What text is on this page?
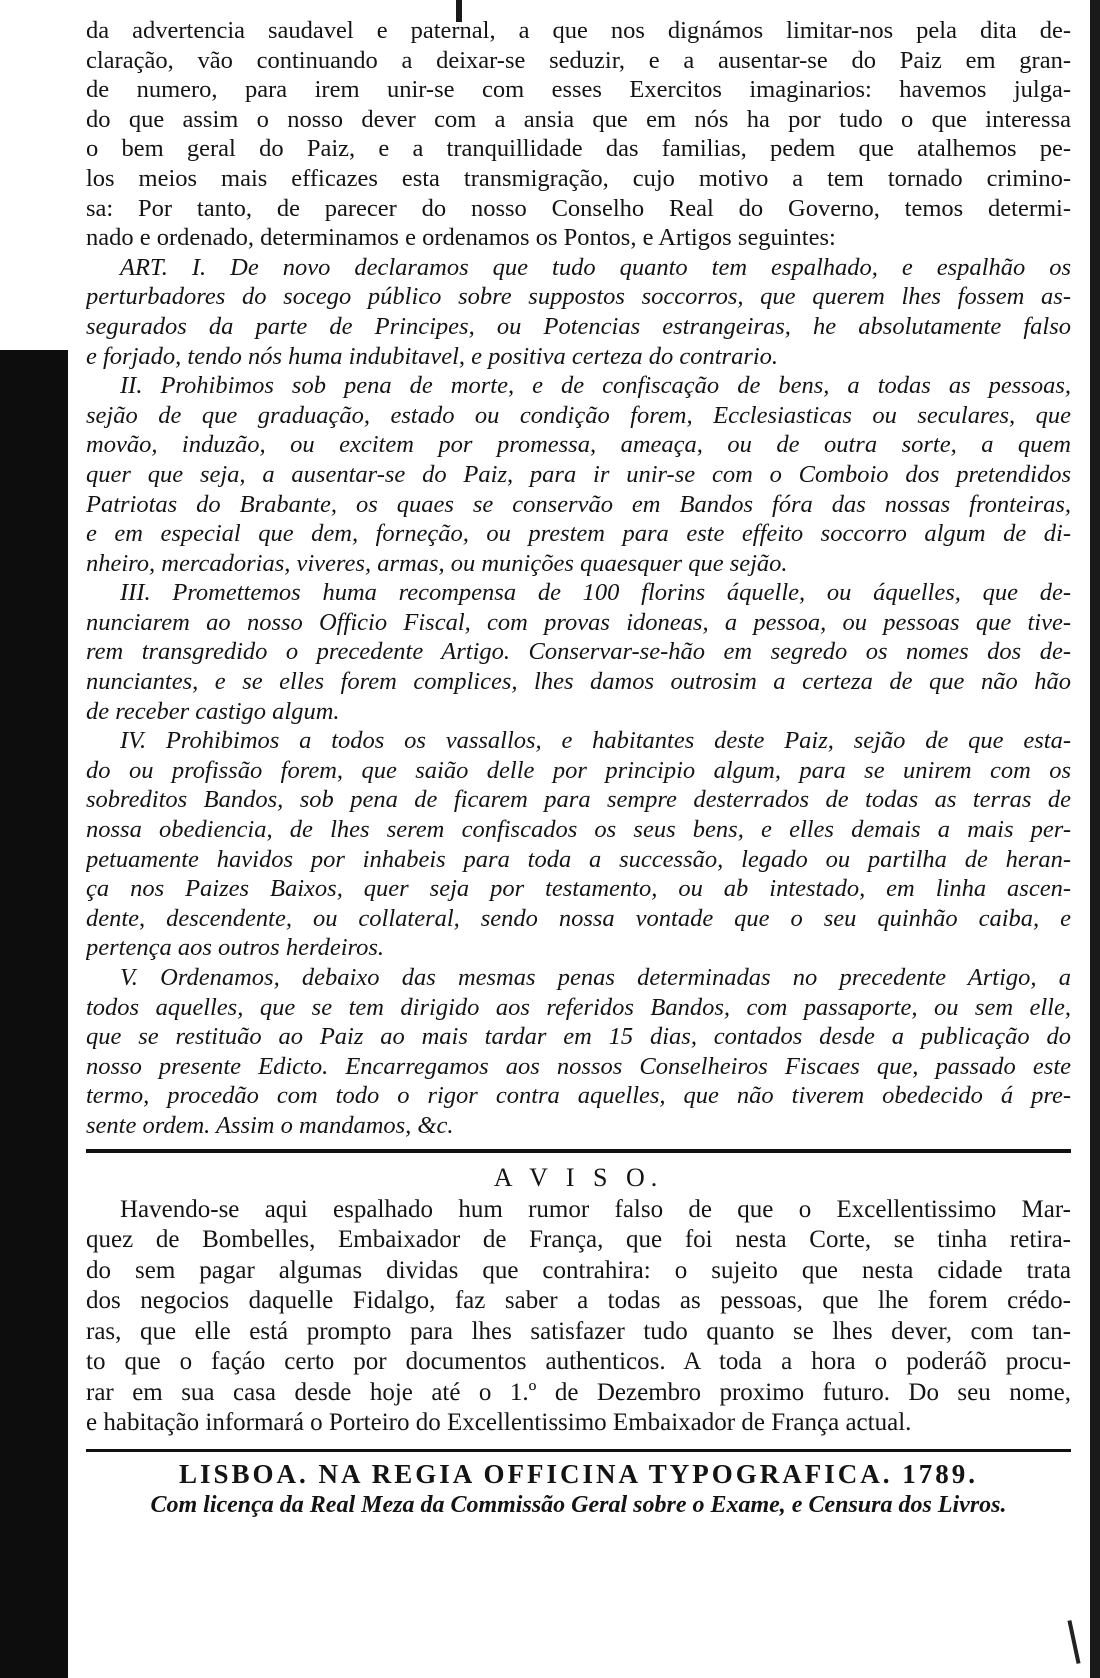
da advertencia saudavel e paternal, a que nos dignámos limitar-nos pela dita de-

claração, vão continuando a deixar-se seduzir, e a ausentar-se do Paiz em gran-

de numero, para irem unir-se com esses Exercitos imaginarios: havemos julga-

do que assim o nosso dever com a ansia que em nós ha por tudo o que interessa

o bem geral do Paiz, e a tranquillidade das familias, pedem que atalhemos pe-

los meios mais efficazes esta transmigração, cujo motivo a tem tornado crimino-

sa: Por tanto, de parecer do nosso Conselho Real do Governo, temos determi-

nado e ordenado, determinamos e ordenamos os Pontos, e Artigos seguintes:

ART. I. De novo declaramos que tudo quanto tem espalhado, e espalhão os

perturbadores do socego público sobre suppostos soccorros, que querem lhes fossem as-

segurados da parte de Principes, ou Potencias estrangeiras, he absolutamente falso

e forjado, tendo nós huma indubitavel, e positiva certeza do contrario.

II. Prohibimos sob pena de morte, e de confiscação de bens, a todas as pessoas,

sejão de que graduação, estado ou condição forem, Ecclesiasticas ou seculares, que

movão, induzão, ou excitem por promessa, ameaça, ou de outra sorte, a quem

quer que seja, a ausentar-se do Paiz, para ir unir-se com o Comboio dos pretendidos

Patriotas do Brabante, os quaes se conservão em Bandos fóra das nossas fronteiras,

e em especial que dem, forneção, ou prestem para este effeito soccorro algum de di-

nheiro, mercadorias, viveres, armas, ou munições quaesquer que sejão.

III. Promettemos huma recompensa de 100 florins áquelle, ou áquelles, que de-

nunciarem ao nosso Officio Fiscal, com provas idoneas, a pessoa, ou pessoas que tive-

rem transgredido o precedente Artigo. Conservar-se-hão em segredo os nomes dos de-

nunciantes, e se elles forem complices, lhes damos outrosim a certeza de que não hão

de receber castigo algum.

IV. Prohibimos a todos os vassallos, e habitantes deste Paiz, sejão de que esta-

do ou profissão forem, que saião delle por principio algum, para se unirem com os

sobreditos Bandos, sob pena de ficarem para sempre desterrados de todas as terras de

nossa obediencia, de lhes serem confiscados os seus bens, e elles demais a mais per-

petuamente havidos por inhabeis para toda a successão, legado ou partilha de heran-

ça nos Paizes Baixos, quer seja por testamento, ou ab intestado, em linha ascen-

dente, descendente, ou collateral, sendo nossa vontade que o seu quinhão caiba, e

pertença aos outros herdeiros.

V. Ordenamos, debaixo das mesmas penas determinadas no precedente Artigo, a

todos aquelles, que se tem dirigido aos referidos Bandos, com passaporte, ou sem elle,

que se restituão ao Paiz ao mais tardar em 15 dias, contados desde a publicação do

nosso presente Edicto. Encarregamos aos nossos Conselheiros Fiscaes que, passado este

termo, procedão com todo o rigor contra aquelles, que não tiverem obedecido á pre-

sente ordem. Assim o mandamos, &c.

A V I S O.

Havendo-se aqui espalhado hum rumor falso de que o Excellentissimo Mar-

quez de Bombelles, Embaixador de França, que foi nesta Corte, se tinha retira-

do sem pagar algumas dividas que contrahira: o sujeito que nesta cidade trata

dos negocios daquelle Fidalgo, faz saber a todas as pessoas, que lhe forem crédo-

ras, que elle está prompto para lhes satisfazer tudo quanto se lhes dever, com tan-

to que o façáo certo por documentos authenticos. A toda a hora o poderáõ procu-

rar em sua casa desde hoje até o 1.º de Dezembro proximo futuro. Do seu nome,

e habitação informará o Porteiro do Excellentissimo Embaixador de França actual.

LISBOA. NA REGIA OFFICINA TYPOGRAFICA. 1789.

Com licença da Real Meza da Commissão Geral sobre o Exame, e Censura dos Livros.
